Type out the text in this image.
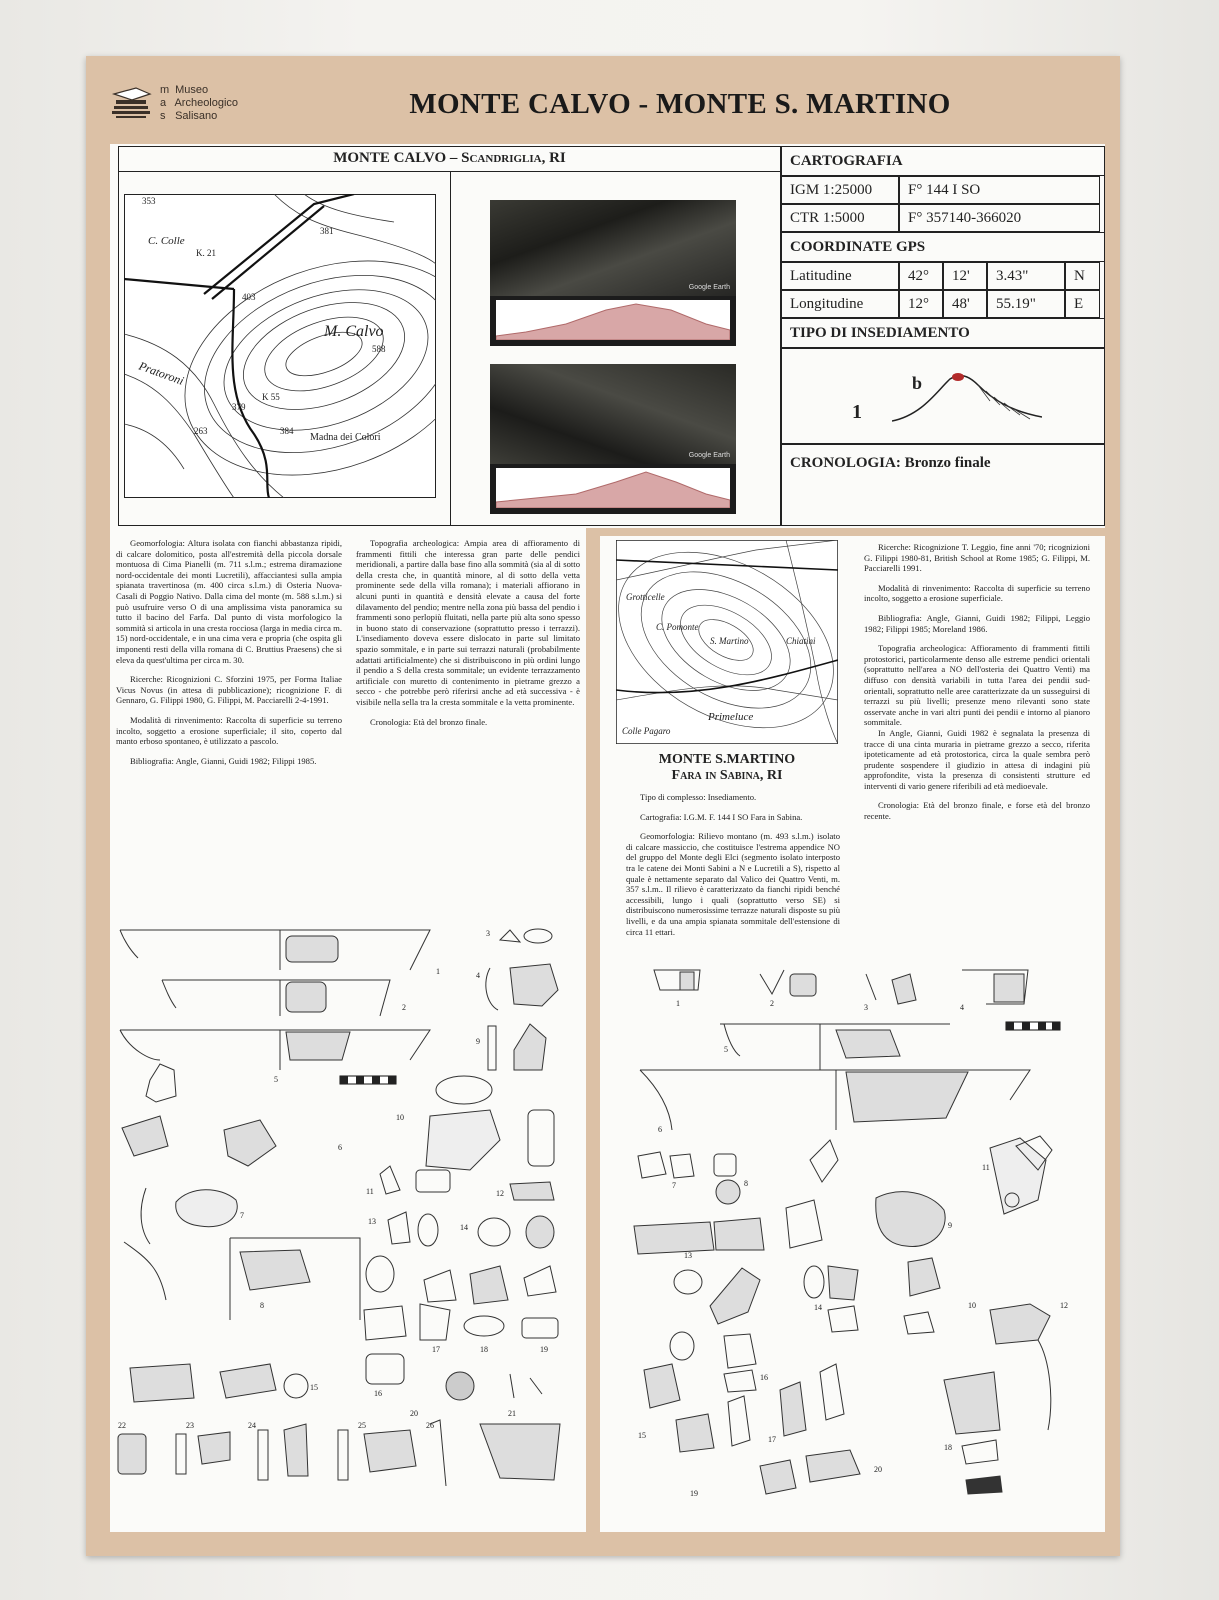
m Museo
a Archeologico
s Salisano	MONTE CALVO - MONTE S. MARTINO
MONTE CALVO – Scandriglia, RI
C. Colle
K. 21
Pratoroni
M. Calvo
588
403
379
K 55
Madna dei Colori
263	384
381
353
Google Earth
Google Earth
CARTOGRAFIA
IGM 1:25000	F° 144 I SO
CTR 1:5000	F° 357140-366020
COORDINATE GPS
Latitudine	42°	12'	3.43"	N
Longitudine	12°	48'	55.19"	E
TIPO DI INSEDIAMENTO
1
b
CRONOLOGIA: Bronzo finale

Geomorfologia: Altura isolata con fianchi abbastanza ripidi, di calcare dolomitico, posta all'estremità della piccola dorsale montuosa di Cima Pianelli (m. 711 s.l.m.; estrema diramazione nord-occidentale dei monti Lucretili), affacciantesi sulla ampia spianata travertinosa (m. 400 circa s.l.m.) di Osteria Nuova-Casali di Poggio Nativo. Dalla cima del monte (m. 588 s.l.m.) si può usufruire verso O di una amplissima vista panoramica su tutto il bacino del Farfa. Dal punto di vista morfologico la sommità si articola in una cresta rocciosa (larga in media circa m. 15) nord-occidentale, e in una cima vera e propria (che ospita gli imponenti resti della villa romana di C. Bruttius Praesens) che si eleva da quest'ultima per circa m. 30.

Ricerche: Ricognizioni C. Sforzini 1975, per Forma Italiae Vicus Novus (in attesa di pubblicazione); ricognizione F. di Gennaro, G. Filippi 1980, G. Filippi, M. Pacciarelli 2-4-1991.

Modalità di rinvenimento: Raccolta di superficie su terreno incolto, soggetto a erosione superficiale; il sito, coperto dal manto erboso spontaneo, è utilizzato a pascolo.

Bibliografia: Angle, Gianni, Guidi 1982; Filippi 1985.

Topografia archeologica: Ampia area di affioramento di frammenti fittili che interessa gran parte delle pendici meridionali, a partire dalla base fino alla sommità (sia al di sotto della cresta che, in quantità minore, al di sotto della vetta prominente sede della villa romana); i materiali affiorano in alcuni punti in quantità e densità elevate a causa del forte dilavamento del pendio; mentre nella zona più bassa del pendio i frammenti sono perlopiù fluitati, nella parte più alta sono spesso in buono stato di conservazione (soprattutto presso i terrazzi). L'insediamento doveva essere dislocato in parte sul limitato spazio sommitale, e in parte sui terrazzi naturali (probabilmente adattati artificialmente) che si distribuiscono in più ordini lungo il pendio a S della cresta sommitale; un evidente terrazzamento artificiale con muretto di contenimento in pietrame grezzo a secco - che potrebbe però riferirsi anche ad età successiva - è visibile nella sella tra la cresta sommitale e la vetta prominente.

Cronologia: Età del bronzo finale.

C. Pomonte
S. Martino	Chiatini
Primeluce
Colle Pagaro
Grotticelle
MONTE S.MARTINO
Fara in Sabina, RI

Tipo di complesso: Insediamento.

Cartografia: I.G.M. F. 144 I SO Fara in Sabina.

Geomorfologia: Rilievo montano (m. 493 s.l.m.) isolato di calcare massiccio, che costituisce l'estrema appendice NO del gruppo del Monte degli Elci (segmento isolato interposto tra le catene dei Monti Sabini a N e Lucretili a S), rispetto al quale è nettamente separato dal Valico dei Quattro Venti, m. 357 s.l.m.. Il rilievo è caratterizzato da fianchi ripidi benché accessibili, lungo i quali (soprattutto verso SE) si distribuiscono numerosissime terrazze naturali disposte su più livelli, e da una ampia spianata sommitale dell'estensione di circa 11 ettari.

Ricerche: Ricognizione T. Leggio, fine anni '70; ricognizioni G. Filippi 1980-81, British School at Rome 1985; G. Filippi, M. Pacciarelli 1991.

Modalità di rinvenimento: Raccolta di superficie su terreno incolto, soggetto a erosione superficiale.

Bibliografia: Angle, Gianni, Guidi 1982; Filippi, Leggio 1982; Filippi 1985; Moreland 1986.

Topografia archeologica: Affioramento di frammenti fittili protostorici, particolarmente denso alle estreme pendici orientali (soprattutto nell'area a NO dell'osteria dei Quattro Venti) ma diffuso con densità variabili in tutta l'area dei pendii sud-orientali, soprattutto nelle aree caratterizzate da un susseguirsi di terrazzi su più livelli; presenze meno rilevanti sono state osservate anche in vari altri punti dei pendii e intorno al pianoro sommitale.

In Angle, Gianni, Guidi 1982 è segnalata la presenza di tracce di una cinta muraria in pietrame grezzo a secco, riferita ipoteticamente ad età protostorica, circa la quale sembra però prudente sospendere il giudizio in attesa di indagini più approfondite, vista la presenza di consistenti strutture ed interventi di vario genere riferibili ad età medioevale.

Cronologia: Età del bronzo finale, e forse età del bronzo recente.

1
2
3
4
5
6
7
8
9
10
11	12
13
14
15
16
17	18	19
20	21
22	23	24	25	26
1	2	3	4
5
6
7	8
9
10
11
12
13
14
15
16
17
18
19
20
